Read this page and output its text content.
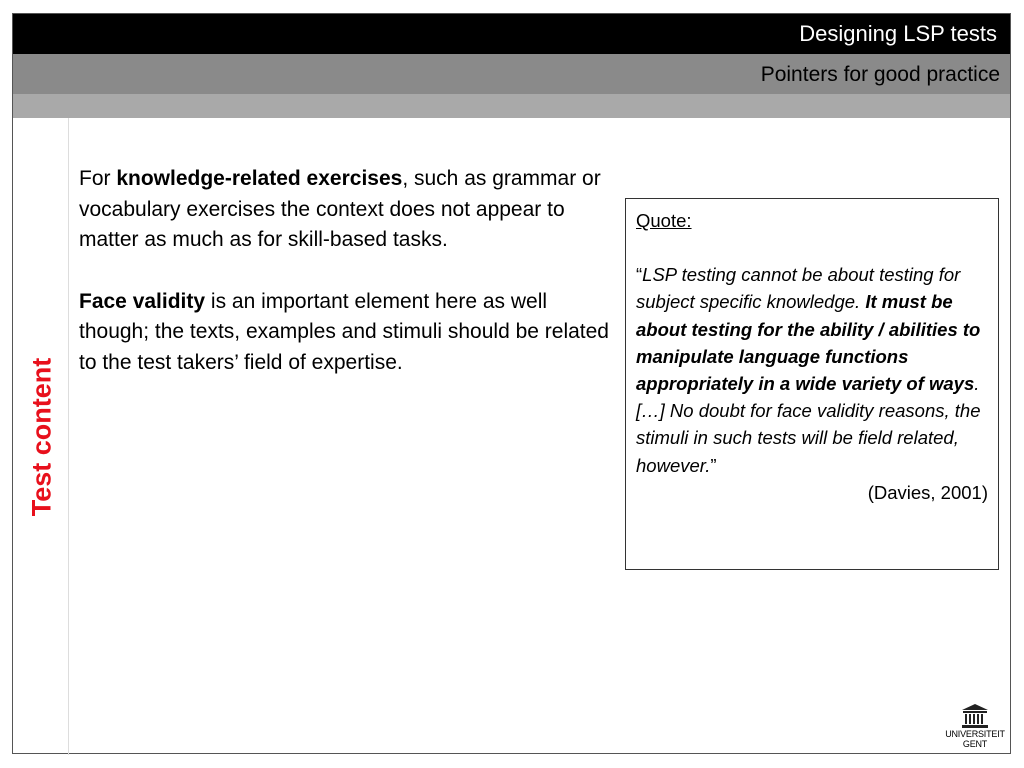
Designing LSP tests
Pointers for good practice
Test content

For knowledge-related exercises, such as grammar or vocabulary exercises the context does not appear to matter as much as for skill-based tasks.

Face validity is an important element here as well though; the texts, examples and stimuli should be related to the test takers’ field of expertise.

Quote:

“LSP testing cannot be about testing for subject specific knowledge. It must be about testing for the ability / abilities to manipulate language functions appropriately in a wide variety of ways. […] No doubt for face validity reasons, the stimuli in such tests will be field related, however.”

(Davies, 2001)

UNIVERSITEIT
GENT
